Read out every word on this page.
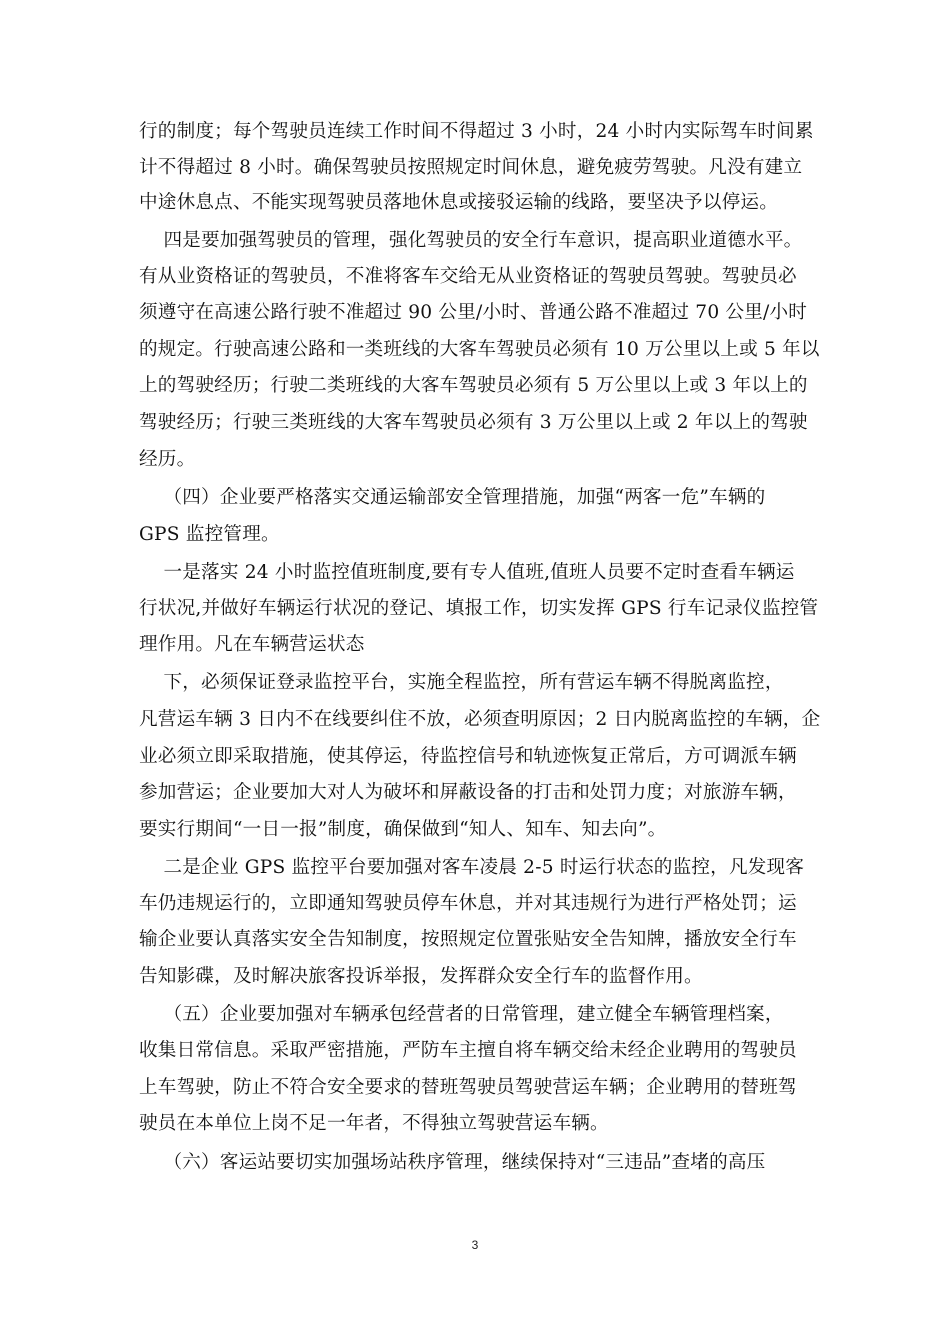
行的制度；每个驾驶员连续工作时间不得超过 3 小时，24 小时内实际驾车时间累
计不得超过 8 小时。确保驾驶员按照规定时间休息，避免疲劳驾驶。凡没有建立
中途休息点、不能实现驾驶员落地休息或接驳运输的线路，要坚决予以停运。
四是要加强驾驶员的管理，强化驾驶员的安全行车意识，提高职业道德水平。
有从业资格证的驾驶员，不准将客车交给无从业资格证的驾驶员驾驶。驾驶员必
须遵守在高速公路行驶不准超过 90 公里/小时、普通公路不准超过 70 公里/小时
的规定。行驶高速公路和一类班线的大客车驾驶员必须有 10 万公里以上或 5 年以
上的驾驶经历；行驶二类班线的大客车驾驶员必须有 5 万公里以上或 3 年以上的
驾驶经历；行驶三类班线的大客车驾驶员必须有 3 万公里以上或 2 年以上的驾驶
经历。
（四）企业要严格落实交通运输部安全管理措施，加强“两客一危”车辆的
GPS 监控管理。
一是落实 24 小时监控值班制度,要有专人值班,值班人员要不定时查看车辆运
行状况,并做好车辆运行状况的登记、填报工作，切实发挥 GPS 行车记录仪监控管
理作用。凡在车辆营运状态
下，必须保证登录监控平台，实施全程监控，所有营运车辆不得脱离监控，
凡营运车辆 3 日内不在线要纠住不放，必须查明原因；2 日内脱离监控的车辆，企
业必须立即采取措施，使其停运，待监控信号和轨迹恢复正常后，方可调派车辆
参加营运；企业要加大对人为破坏和屏蔽设备的打击和处罚力度；对旅游车辆，
要实行期间“一日一报”制度，确保做到“知人、知车、知去向”。
二是企业 GPS 监控平台要加强对客车凌晨 2-5 时运行状态的监控，凡发现客
车仍违规运行的，立即通知驾驶员停车休息，并对其违规行为进行严格处罚；运
输企业要认真落实安全告知制度，按照规定位置张贴安全告知牌，播放安全行车
告知影碟，及时解决旅客投诉举报，发挥群众安全行车的监督作用。
（五）企业要加强对车辆承包经营者的日常管理，建立健全车辆管理档案，
收集日常信息。采取严密措施，严防车主擅自将车辆交给未经企业聘用的驾驶员
上车驾驶，防止不符合安全要求的替班驾驶员驾驶营运车辆；企业聘用的替班驾
驶员在本单位上岗不足一年者，不得独立驾驶营运车辆。
（六）客运站要切实加强场站秩序管理，继续保持对“三违品”查堵的高压
3
